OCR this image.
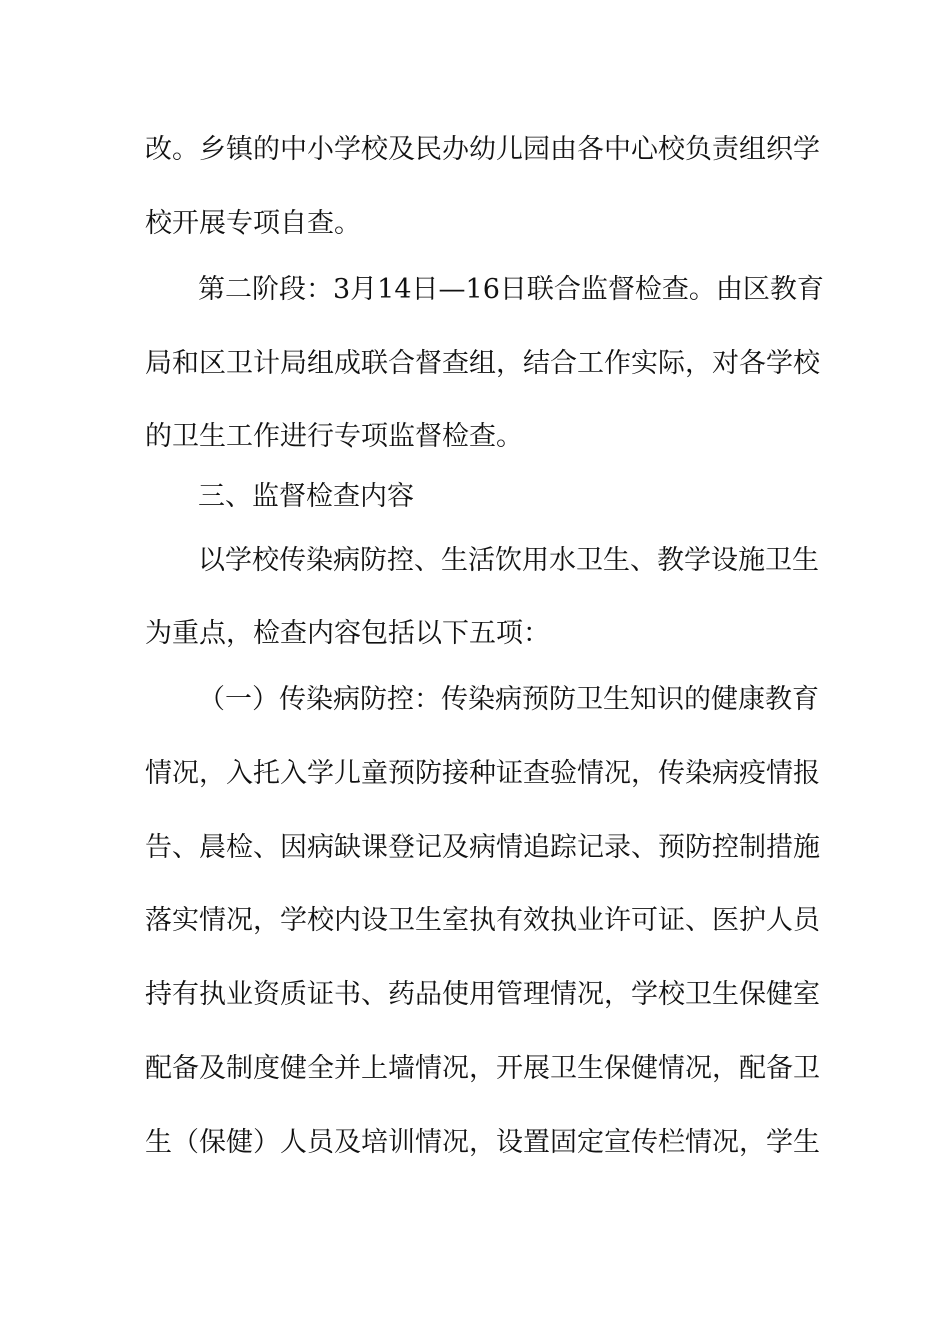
改。乡镇的中小学校及民办幼儿园由各中心校负责组织学
校开展专项自查。
第二阶段：3月14日—16日联合监督检查。由区教育
局和区卫计局组成联合督查组，结合工作实际，对各学校
的卫生工作进行专项监督检查。
三、监督检查内容
以学校传染病防控、生活饮用水卫生、教学设施卫生
为重点，检查内容包括以下五项：
（一）传染病防控：传染病预防卫生知识的健康教育
情况，入托入学儿童预防接种证查验情况，传染病疫情报
告、晨检、因病缺课登记及病情追踪记录、预防控制措施
落实情况，学校内设卫生室执有效执业许可证、医护人员
持有执业资质证书、药品使用管理情况，学校卫生保健室
配备及制度健全并上墙情况，开展卫生保健情况，配备卫
生（保健）人员及培训情况，设置固定宣传栏情况，学生
